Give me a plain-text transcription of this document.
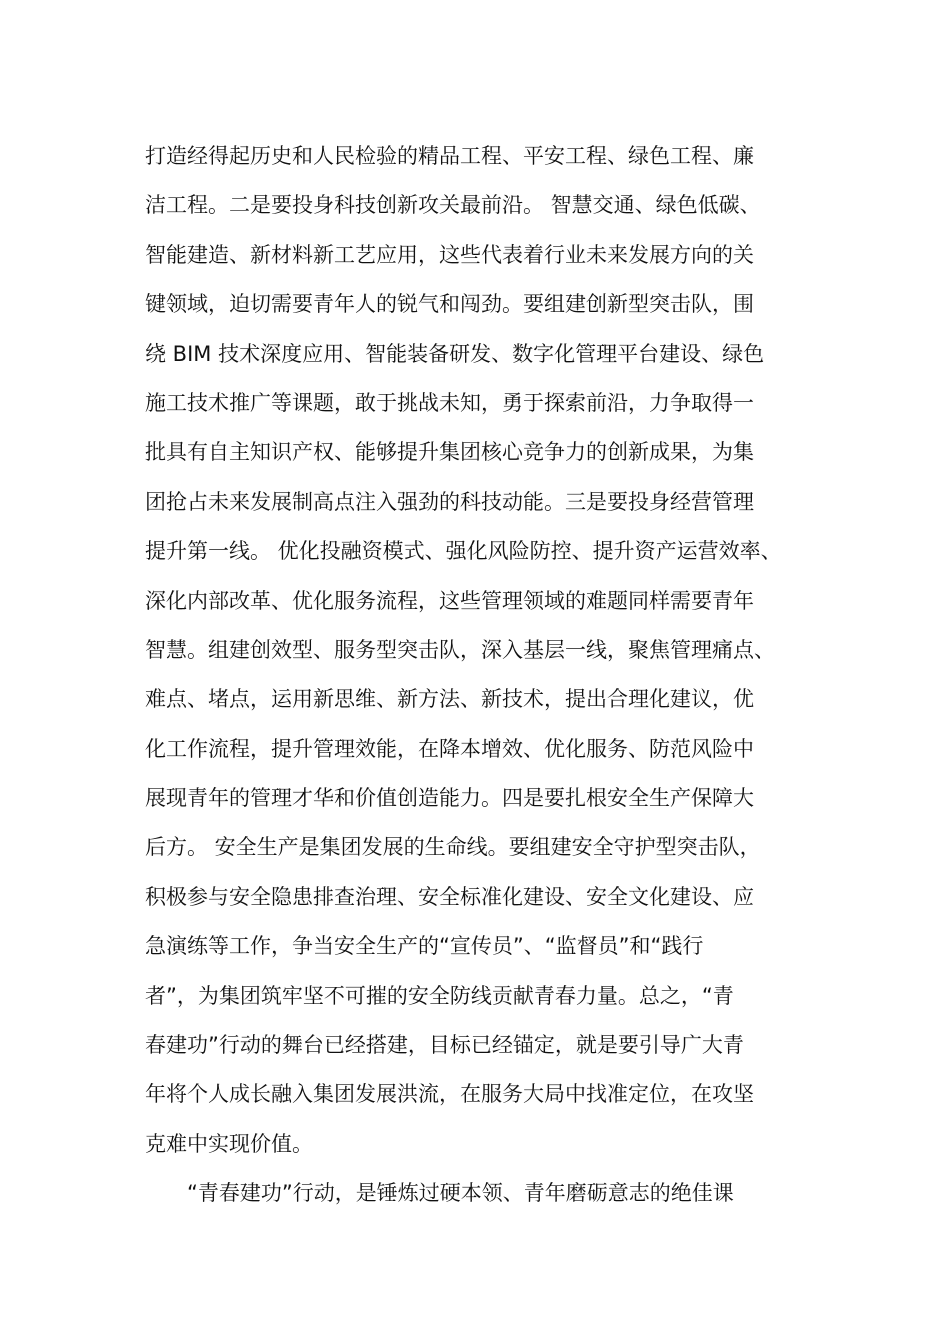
打造经得起历史和人民检验的精品工程、平安工程、绿色工程、廉
洁工程。二是要投身科技创新攻关最前沿。 智慧交通、绿色低碳、
智能建造、新材料新工艺应用，这些代表着行业未来发展方向的关
键领域，迫切需要青年人的锐气和闯劲。要组建创新型突击队，围
绕 BIM 技术深度应用、智能装备研发、数字化管理平台建设、绿色
施工技术推广等课题，敢于挑战未知，勇于探索前沿，力争取得一
批具有自主知识产权、能够提升集团核心竞争力的创新成果，为集
团抢占未来发展制高点注入强劲的科技动能。三是要投身经营管理
提升第一线。 优化投融资模式、强化风险防控、提升资产运营效率、
深化内部改革、优化服务流程，这些管理领域的难题同样需要青年
智慧。组建创效型、服务型突击队，深入基层一线，聚焦管理痛点、
难点、堵点，运用新思维、新方法、新技术，提出合理化建议，优
化工作流程，提升管理效能，在降本增效、优化服务、防范风险中
展现青年的管理才华和价值创造能力。四是要扎根安全生产保障大
后方。 安全生产是集团发展的生命线。要组建安全守护型突击队，
积极参与安全隐患排查治理、安全标准化建设、安全文化建设、应
急演练等工作，争当安全生产的“宣传员”、“监督员”和“践行
者”，为集团筑牢坚不可摧的安全防线贡献青春力量。总之，“青
春建功”行动的舞台已经搭建，目标已经锚定，就是要引导广大青
年将个人成长融入集团发展洪流，在服务大局中找准定位，在攻坚
克难中实现价值。
“青春建功”行动，是锤炼过硬本领、青年磨砺意志的绝佳课
